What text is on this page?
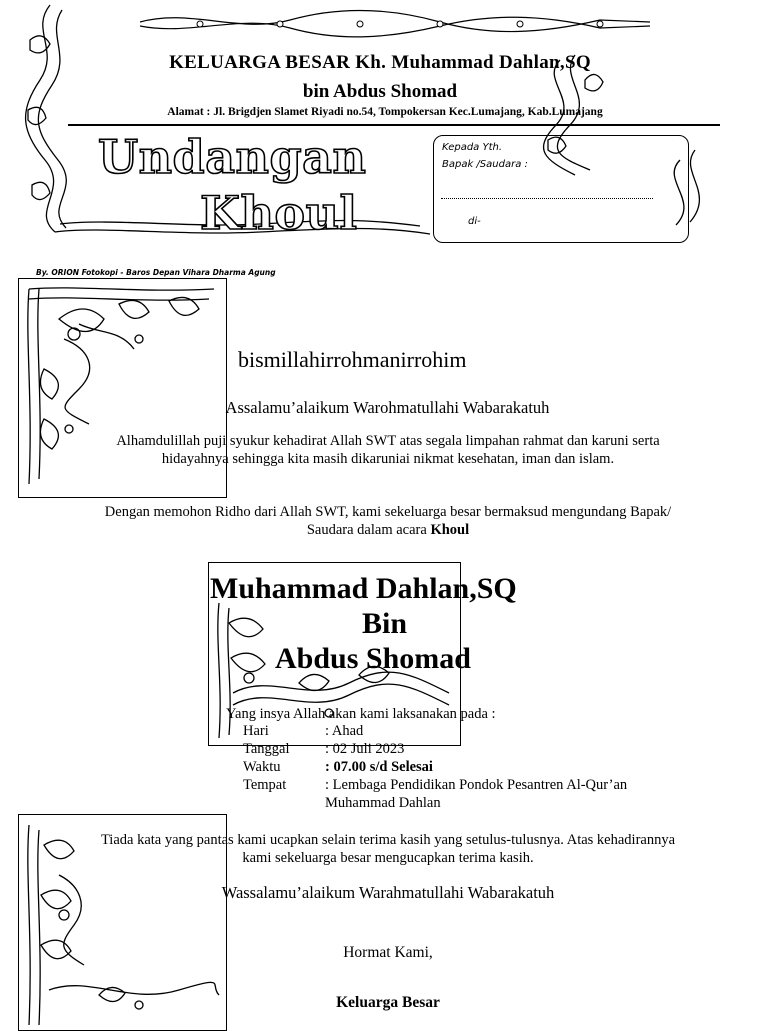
KELUARGA BESAR Kh. Muhammad Dahlan,SQ
bin Abdus Shomad
Alamat : Jl. Brigdjen Slamet Riyadi no.54, Tompokersan Kec.Lumajang, Kab.Lumajang
Undangan
Khoul
Kepada Yth.
Bapak /Saudara :
di-
By. ORION Fotokopi - Baros Depan Vihara Dharma Agung
bismillahirrohmanirrohim
Assalamu’alaikum Warohmatullahi Wabarakatuh
Alhamdulillah puji syukur kehadirat Allah SWT atas segala limpahan rahmat dan karuni serta hidayahnya sehingga kita masih dikaruniai nikmat kesehatan, iman dan islam.
Dengan memohon Ridho dari Allah SWT, kami sekeluarga besar bermaksud mengundang Bapak/ Saudara dalam acara Khoul
Muhammad Dahlan,SQ
Bin
Abdus Shomad
Yang insya Allah akan kami laksanakan pada :
Hari	: Ahad
Tanggal : 02 Juli 2023
Waktu	: 07.00 s/d Selesai
Tempat	: Lembaga Pendidikan Pondok Pesantren Al-Qur’an Muhammad Dahlan
Tiada kata yang pantas kami ucapkan selain terima kasih yang setulus-tulusnya. Atas kehadirannya kami sekeluarga besar mengucapkan terima kasih.
Wassalamu’alaikum Warahmatullahi Wabarakatuh
Hormat Kami,
Keluarga Besar
